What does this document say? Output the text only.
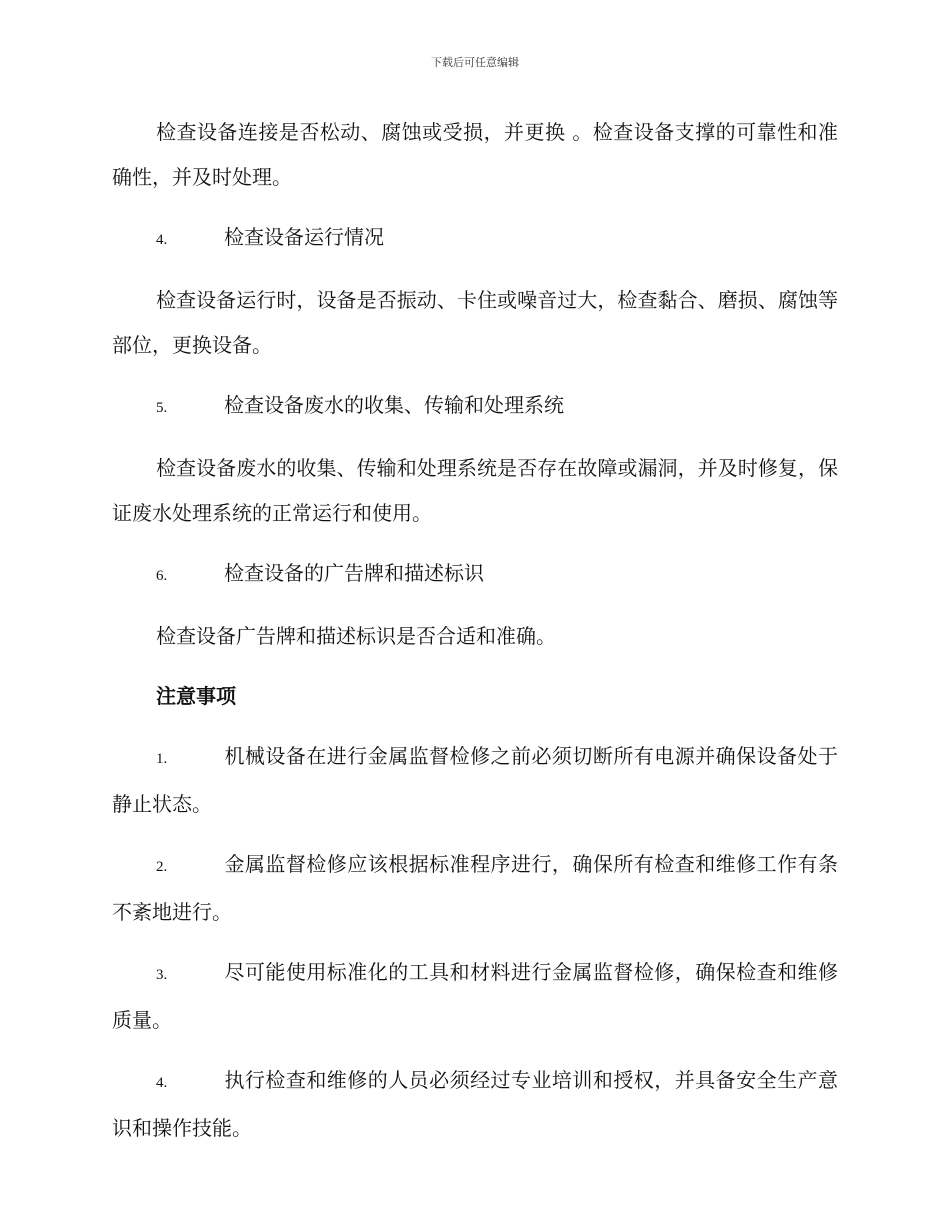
下载后可任意编辑

检查设备连接是否松动、腐蚀或受损，并更换 。检查设备支撑的可靠性和准确性，并及时处理。

4.	检查设备运行情况

检查设备运行时，设备是否振动、卡住或噪音过大，检查黏合、磨损、腐蚀等部位，更换设备。

5.	检查设备废水的收集、传输和处理系统

检查设备废水的收集、传输和处理系统是否存在故障或漏洞，并及时修复，保证废水处理系统的正常运行和使用。

6.	检查设备的广告牌和描述标识

检查设备广告牌和描述标识是否合适和准确。

注意事项

1.	机械设备在进行金属监督检修之前必须切断所有电源并确保设备处于静止状态。

2.	金属监督检修应该根据标准程序进行，确保所有检查和维修工作有条不紊地进行。

3.	尽可能使用标准化的工具和材料进行金属监督检修，确保检查和维修质量。

4.	执行检查和维修的人员必须经过专业培训和授权，并具备安全生产意识和操作技能。
